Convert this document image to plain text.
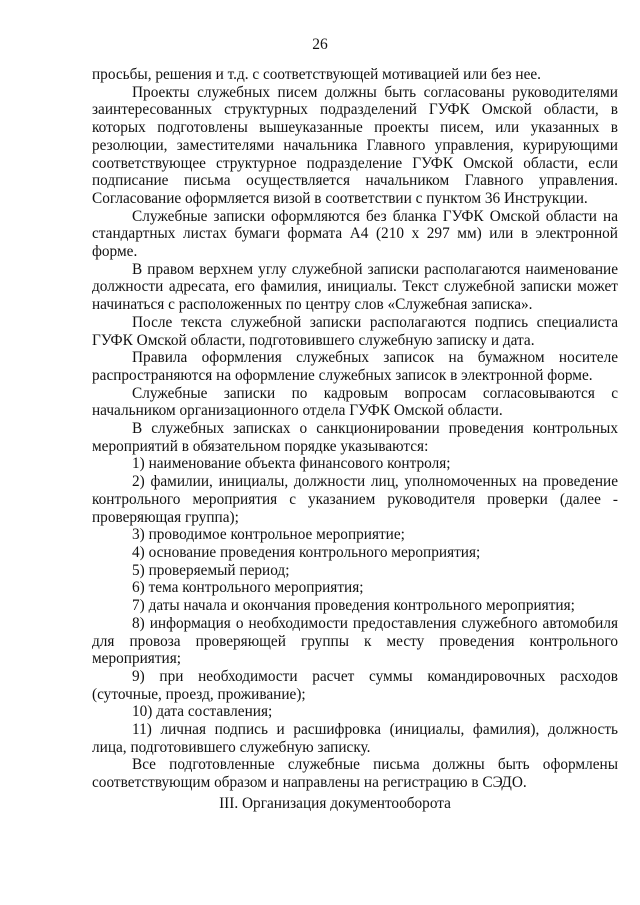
26

просьбы, решения и т.д. с соответствующей мотивацией или без нее.

Проекты служебных писем должны быть согласованы руководителями заинтересованных структурных подразделений ГУФК Омской области, в которых подготовлены вышеуказанные проекты писем, или указанных в резолюции, заместителями начальника Главного управления, курирующими соответствующее структурное подразделение ГУФК Омской области, если подписание письма осуществляется начальником Главного управления. Согласование оформляется визой в соответствии с пунктом 36 Инструкции.

Служебные записки оформляются без бланка ГУФК Омской области на стандартных листах бумаги формата А4 (210 х 297 мм) или в электронной форме.

В правом верхнем углу служебной записки располагаются наименование должности адресата, его фамилия, инициалы. Текст служебной записки может начинаться с расположенных по центру слов «Служебная записка».

После текста служебной записки располагаются подпись специалиста ГУФК Омской области, подготовившего служебную записку и дата.

Правила оформления служебных записок на бумажном носителе распространяются на оформление служебных записок в электронной форме.

Служебные записки по кадровым вопросам согласовываются с начальником организационного отдела ГУФК Омской области.

В служебных записках о санкционировании проведения контрольных мероприятий в обязательном порядке указываются:

1) наименование объекта финансового контроля;

2) фамилии, инициалы, должности лиц, уполномоченных на проведение контрольного мероприятия с указанием руководителя проверки (далее - проверяющая группа);

3) проводимое контрольное мероприятие;

4) основание проведения контрольного мероприятия;

5) проверяемый период;

6) тема контрольного мероприятия;

7) даты начала и окончания проведения контрольного мероприятия;

8) информация о необходимости предоставления служебного автомобиля для провоза проверяющей группы к месту проведения контрольного мероприятия;

9) при необходимости расчет суммы командировочных расходов (суточные, проезд, проживание);

10) дата составления;

11) личная подпись и расшифровка (инициалы, фамилия), должность лица, подготовившего служебную записку.

Все подготовленные служебные письма должны быть оформлены соответствующим образом и направлены на регистрацию в СЭДО.

III. Организация документооборота
